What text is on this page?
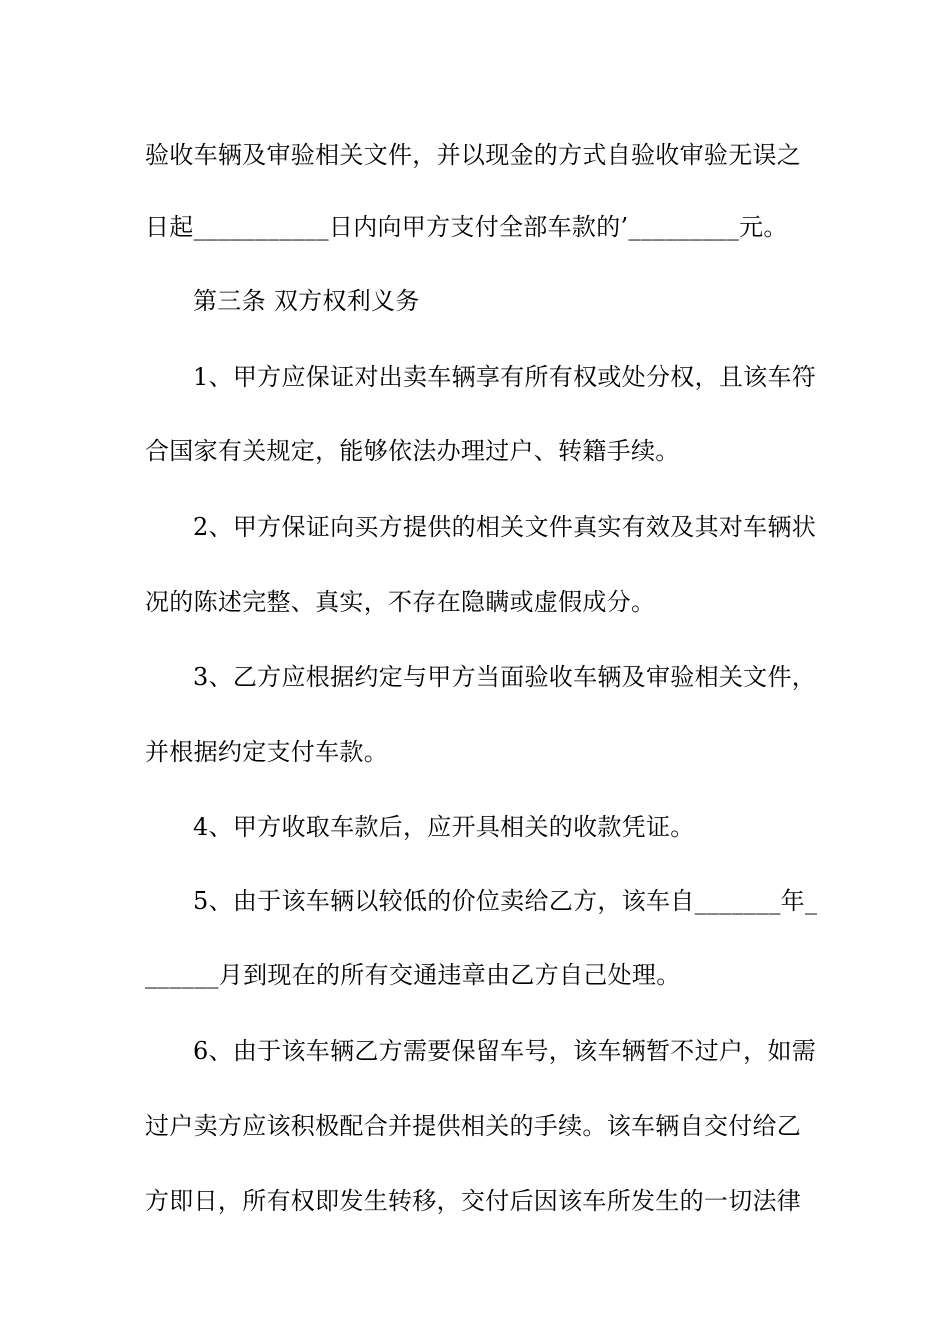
验收车辆及审验相关文件，并以现金的方式自验收审验无误之
日起___________日内向甲方支付全部车款的’_________元。
第三条 双方权利义务
1、甲方应保证对出卖车辆享有所有权或处分权，且该车符
合国家有关规定，能够依法办理过户、转籍手续。
2、甲方保证向买方提供的相关文件真实有效及其对车辆状
况的陈述完整、真实，不存在隐瞒或虚假成分。
3、乙方应根据约定与甲方当面验收车辆及审验相关文件，
并根据约定支付车款。
4、甲方收取车款后，应开具相关的收款凭证。
5、由于该车辆以较低的价位卖给乙方，该车自_______年_
______月到现在的所有交通违章由乙方自己处理。
6、由于该车辆乙方需要保留车号，该车辆暂不过户，如需
过户卖方应该积极配合并提供相关的手续。该车辆自交付给乙
方即日，所有权即发生转移，交付后因该车所发生的一切法律
